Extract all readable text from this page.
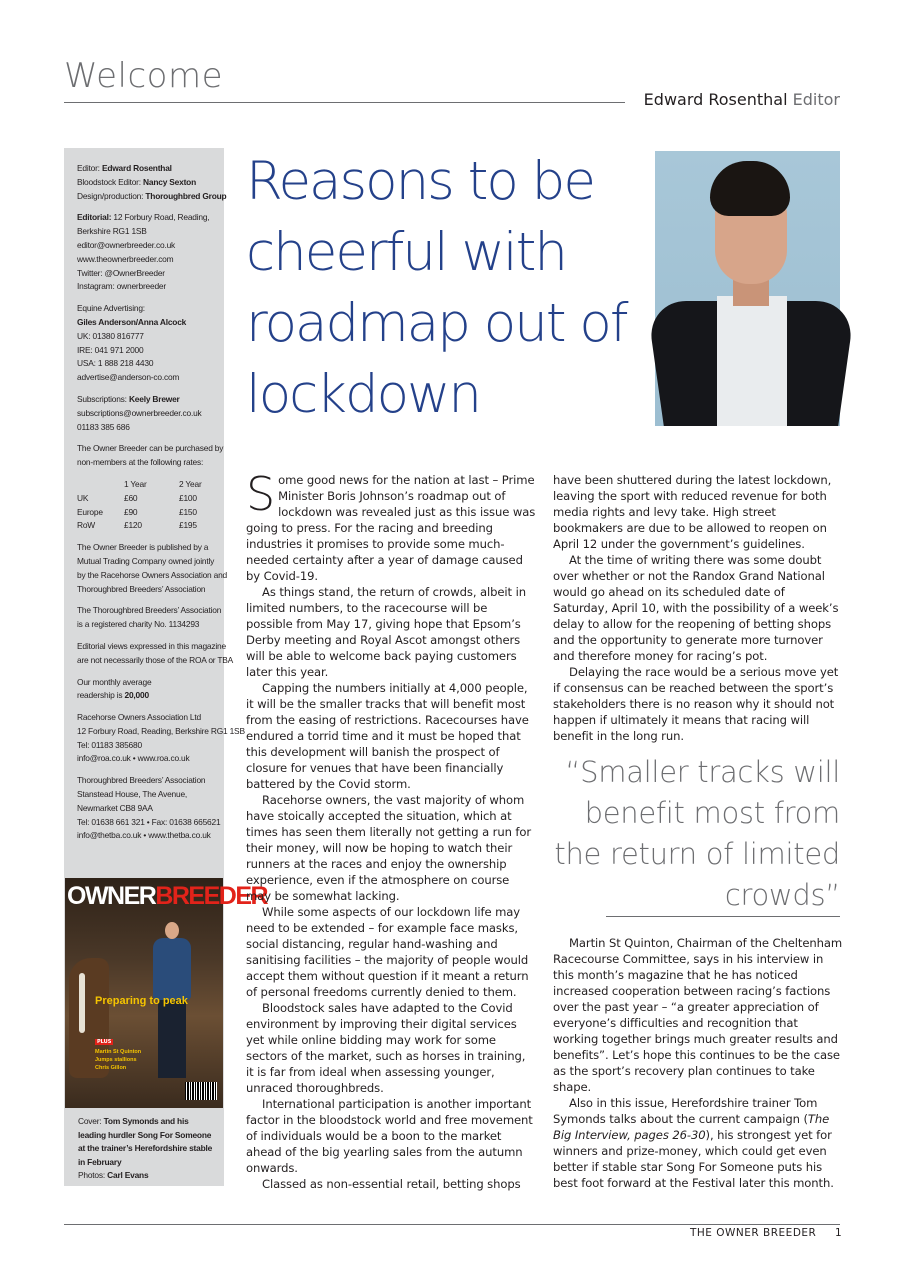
Welcome
Edward Rosenthal Editor
Editor: Edward Rosenthal
Bloodstock Editor: Nancy Sexton
Design/production: Thoroughbred Group
Editorial: 12 Forbury Road, Reading,
Berkshire RG1 1SB
editor@ownerbreeder.co.uk
www.theownerbreeder.com
Twitter: @OwnerBreeder
Instagram: ownerbreeder
Equine Advertising:
Giles Anderson/Anna Alcock
UK: 01380 816777
IRE: 041 971 2000
USA: 1 888 218 4430
advertise@anderson-co.com
Subscriptions: Keely Brewer
subscriptions@ownerbreeder.co.uk
01183 385 686
The Owner Breeder can be purchased by
non-members at the following rates:
	1 Year	2 Year
UK	£60	£100
Europe	£90	£150
RoW	£120	£195
The Owner Breeder is published by a
Mutual Trading Company owned jointly
by the Racehorse Owners Association and
Thoroughbred Breeders’ Association
The Thoroughbred Breeders’ Association
is a registered charity No. 1134293
Editorial views expressed in this magazine
are not necessarily those of the ROA or TBA
Our monthly average
readership is 20,000
Racehorse Owners Association Ltd
12 Forbury Road, Reading, Berkshire RG1 1SB
Tel: 01183 385680
info@roa.co.uk • www.roa.co.uk
Thoroughbred Breeders’ Association
Stanstead House, The Avenue,
Newmarket CB8 9AA
Tel: 01638 661 321 • Fax: 01638 665621
info@thetba.co.uk • www.thetba.co.uk
OWNERBREEDER
Preparing to peak
PLUS
Martin St Quinton
Jumps stallions
Chris Gillon
Cover: Tom Symonds and his leading hurdler Song For Someone at the trainer’s Herefordshire stable in February
Photos: Carl Evans
Reasons to be cheerful with roadmap out of lockdown

Some good news for the nation at last – Prime Minister Boris Johnson’s roadmap out of lockdown was revealed just as this issue was going to press. For the racing and breeding industries it promises to provide some much-needed certainty after a year of damage caused by Covid-19.

As things stand, the return of crowds, albeit in limited numbers, to the racecourse will be possible from May 17, giving hope that Epsom’s Derby meeting and Royal Ascot amongst others will be able to welcome back paying customers later this year.

Capping the numbers initially at 4,000 people, it will be the smaller tracks that will benefit most from the easing of restrictions. Racecourses have endured a torrid time and it must be hoped that this development will banish the prospect of closure for venues that have been financially battered by the Covid storm.

Racehorse owners, the vast majority of whom have stoically accepted the situation, which at times has seen them literally not getting a run for their money, will now be hoping to watch their runners at the races and enjoy the ownership experience, even if the atmosphere on course may be somewhat lacking.

While some aspects of our lockdown life may need to be extended – for example face masks, social distancing, regular hand-washing and sanitising facilities – the majority of people would accept them without question if it meant a return of personal freedoms currently denied to them.

Bloodstock sales have adapted to the Covid environment by improving their digital services yet while online bidding may work for some sectors of the market, such as horses in training, it is far from ideal when assessing younger, unraced thoroughbreds.

International participation is another important factor in the bloodstock world and free movement of individuals would be a boon to the market ahead of the big yearling sales from the autumn onwards.

Classed as non-essential retail, betting shops

have been shuttered during the latest lockdown, leaving the sport with reduced revenue for both media rights and levy take. High street bookmakers are due to be allowed to reopen on April 12 under the government’s guidelines.

At the time of writing there was some doubt over whether or not the Randox Grand National would go ahead on its scheduled date of Saturday, April 10, with the possibility of a week’s delay to allow for the reopening of betting shops and the opportunity to generate more turnover and therefore money for racing’s pot.

Delaying the race would be a serious move yet if consensus can be reached between the sport’s stakeholders there is no reason why it should not happen if ultimately it means that racing will benefit in the long run.

“Smaller tracks will benefit most from the return of limited crowds”

Martin St Quinton, Chairman of the Cheltenham Racecourse Committee, says in his interview in this month’s magazine that he has noticed increased cooperation between racing’s factions over the past year – “a greater appreciation of everyone’s difficulties and recognition that working together brings much greater results and benefits”. Let’s hope this continues to be the case as the sport’s recovery plan continues to take shape.

Also in this issue, Herefordshire trainer Tom Symonds talks about the current campaign (The Big Interview, pages 26-30), his strongest yet for winners and prize-money, which could get even better if stable star Song For Someone puts his best foot forward at the Festival later this month.

THE OWNER BREEDER 1
